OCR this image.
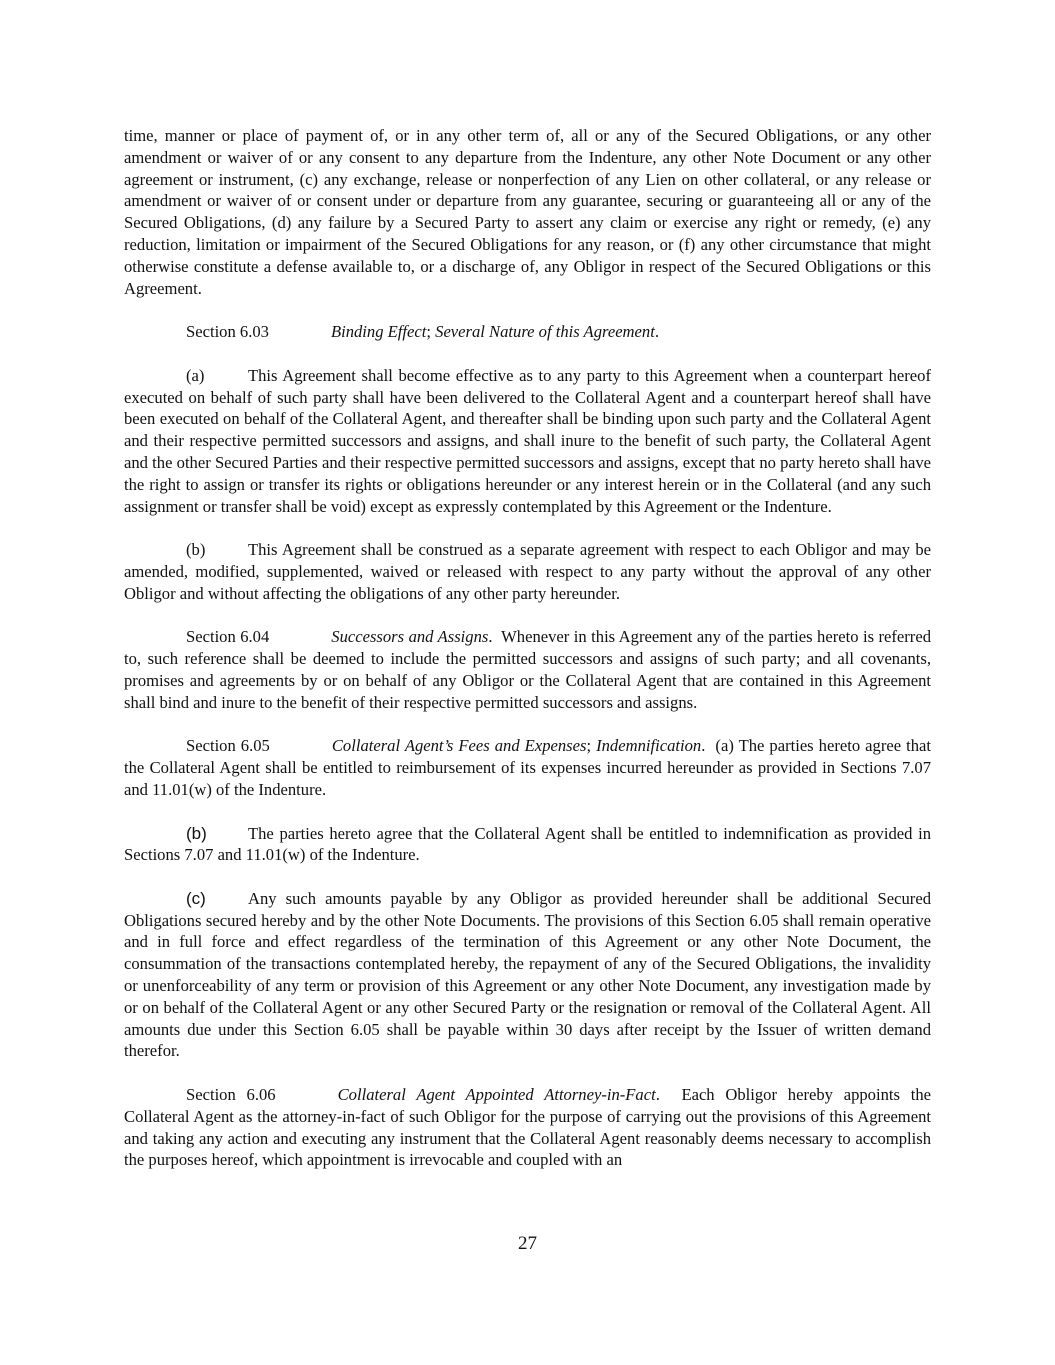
time, manner or place of payment of, or in any other term of, all or any of the Secured Obligations, or any other amendment or waiver of or any consent to any departure from the Indenture, any other Note Document or any other agreement or instrument, (c) any exchange, release or nonperfection of any Lien on other collateral, or any release or amendment or waiver of or consent under or departure from any guarantee, securing or guaranteeing all or any of the Secured Obligations, (d) any failure by a Secured Party to assert any claim or exercise any right or remedy, (e) any reduction, limitation or impairment of the Secured Obligations for any reason, or (f) any other circumstance that might otherwise constitute a defense available to, or a discharge of, any Obligor in respect of the Secured Obligations or this Agreement.

Section 6.03	Binding Effect; Several Nature of this Agreement.

(a)	This Agreement shall become effective as to any party to this Agreement when a counterpart hereof executed on behalf of such party shall have been delivered to the Collateral Agent and a counterpart hereof shall have been executed on behalf of the Collateral Agent, and thereafter shall be binding upon such party and the Collateral Agent and their respective permitted successors and assigns, and shall inure to the benefit of such party, the Collateral Agent and the other Secured Parties and their respective permitted successors and assigns, except that no party hereto shall have the right to assign or transfer its rights or obligations hereunder or any interest herein or in the Collateral (and any such assignment or transfer shall be void) except as expressly contemplated by this Agreement or the Indenture.

(b)	This Agreement shall be construed as a separate agreement with respect to each Obligor and may be amended, modified, supplemented, waived or released with respect to any party without the approval of any other Obligor and without affecting the obligations of any other party hereunder.

Section 6.04	Successors and Assigns. Whenever in this Agreement any of the parties hereto is referred to, such reference shall be deemed to include the permitted successors and assigns of such party; and all covenants, promises and agreements by or on behalf of any Obligor or the Collateral Agent that are contained in this Agreement shall bind and inure to the benefit of their respective permitted successors and assigns.

Section 6.05	Collateral Agent’s Fees and Expenses; Indemnification. (a) The parties hereto agree that the Collateral Agent shall be entitled to reimbursement of its expenses incurred hereunder as provided in Sections 7.07 and 11.01(w) of the Indenture.

(b) The parties hereto agree that the Collateral Agent shall be entitled to indemnification as provided in Sections 7.07 and 11.01(w) of the Indenture.

(c)	Any such amounts payable by any Obligor as provided hereunder shall be additional Secured Obligations secured hereby and by the other Note Documents. The provisions of this Section 6.05 shall remain operative and in full force and effect regardless of the termination of this Agreement or any other Note Document, the consummation of the transactions contemplated hereby, the repayment of any of the Secured Obligations, the invalidity or unenforceability of any term or provision of this Agreement or any other Note Document, any investigation made by or on behalf of the Collateral Agent or any other Secured Party or the resignation or removal of the Collateral Agent. All amounts due under this Section 6.05 shall be payable within 30 days after receipt by the Issuer of written demand therefor.

Section 6.06	Collateral Agent Appointed Attorney-in-Fact. Each Obligor hereby appoints the Collateral Agent as the attorney-in-fact of such Obligor for the purpose of carrying out the provisions of this Agreement and taking any action and executing any instrument that the Collateral Agent reasonably deems necessary to accomplish the purposes hereof, which appointment is irrevocable and coupled with an

27
